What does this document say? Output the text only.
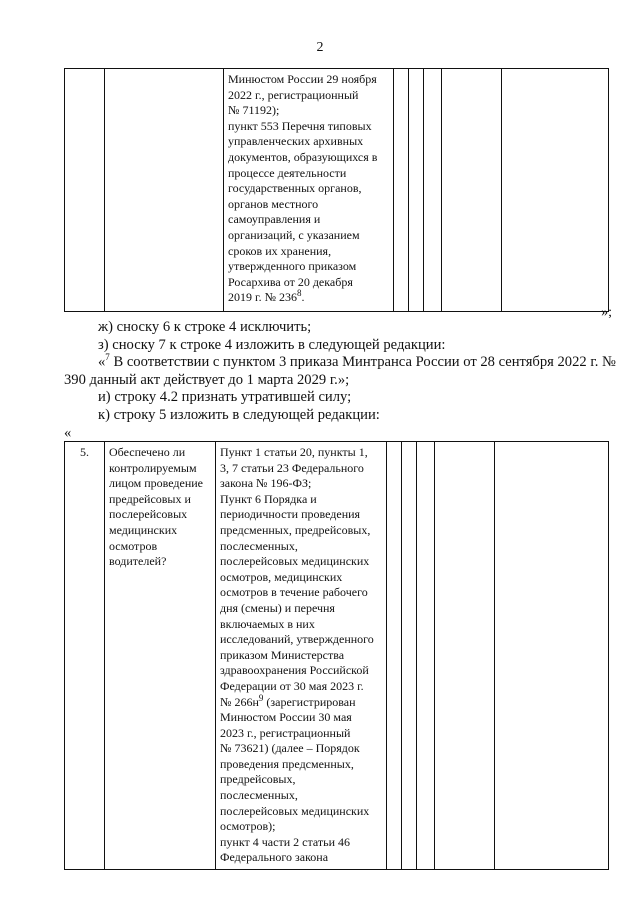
2
		Минюстом России 29 ноября
2022 г., регистрационный
№ 71192);
пункт 553 Перечня типовых
управленческих архивных
документов, образующихся в
процессе деятельности
государственных органов,
органов местного
самоуправления и
организаций, с указанием
сроков их хранения,
утвержденного приказом
Росархива от 20 декабря
2019 г. № $236^8$.					
»;

ж) сноску 6 к строке 4 исключить;

з) сноску 7 к строке 4 изложить в следующей редакции:

«$^7$ В соответствии с пунктом 3 приказа Минтранса России от 28 сентября 2022 г. № 390 данный акт действует до 1 марта 2029 г.»;

и) строку 4.2 признать утратившей силу;

к) строку 5 изложить в следующей редакции:

«

5.	Обеспечено ли
контролируемым
лицом проведение
предрейсовых и
послерейсовых
медицинских
осмотров
водителей?	Пункт 1 статьи 20, пункты 1,
3, 7 статьи 23 Федерального
закона № 196-ФЗ;
Пункт 6 Порядка и
периодичности проведения
предсменных, предрейсовых,
послесменных,
послерейсовых медицинских
осмотров, медицинских
осмотров в течение рабочего
дня (смены) и перечня
включаемых в них
исследований, утвержденного
приказом Министерства
здравоохранения Российской
Федерации от 30 мая 2023 г.
№ $266н^9$ (зарегистрирован
Минюстом России 30 мая
2023 г., регистрационный
№ 73621) (далее – Порядок
проведения предсменных,
предрейсовых,
послесменных,
послерейсовых медицинских
осмотров);
пункт 4 части 2 статьи 46
Федерального закона					
